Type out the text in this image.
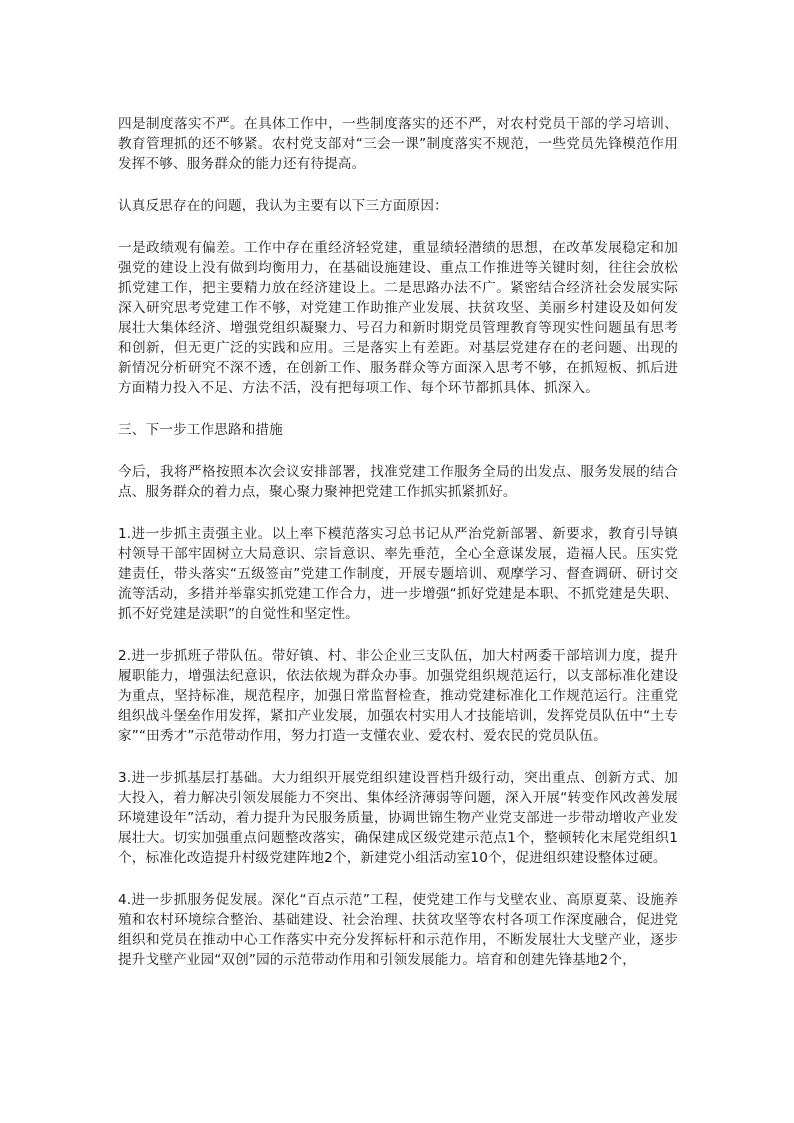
四是制度落实不严。在具体工作中，一些制度落实的还不严，对农村党员干部的学习培训、教育管理抓的还不够紧。农村党支部对“三会一课”制度落实不规范，一些党员先锋模范作用发挥不够、服务群众的能力还有待提高。

认真反思存在的问题，我认为主要有以下三方面原因：

一是政绩观有偏差。工作中存在重经济轻党建，重显绩轻潜绩的思想，在改革发展稳定和加强党的建设上没有做到均衡用力，在基础设施建设、重点工作推进等关键时刻，往往会放松抓党建工作，把主要精力放在经济建设上。二是思路办法不广。紧密结合经济社会发展实际深入研究思考党建工作不够，对党建工作助推产业发展、扶贫攻坚、美丽乡村建设及如何发展壮大集体经济、增强党组织凝聚力、号召力和新时期党员管理教育等现实性问题虽有思考和创新，但无更广泛的实践和应用。三是落实上有差距。对基层党建存在的老问题、出现的新情况分析研究不深不透，在创新工作、服务群众等方面深入思考不够，在抓短板、抓后进方面精力投入不足、方法不活，没有把每项工作、每个环节都抓具体、抓深入。

三、下一步工作思路和措施

今后，我将严格按照本次会议安排部署，找准党建工作服务全局的出发点、服务发展的结合点、服务群众的着力点，聚心聚力聚神把党建工作抓实抓紧抓好。

1.进一步抓主责强主业。以上率下模范落实习总书记从严治党新部署、新要求，教育引导镇村领导干部牢固树立大局意识、宗旨意识、率先垂范，全心全意谋发展，造福人民。压实党建责任，带头落实“五级签亩”党建工作制度，开展专题培训、观摩学习、督查调研、研讨交流等活动，多措并举靠实抓党建工作合力，进一步增强“抓好党建是本职、不抓党建是失职、抓不好党建是渎职”的自觉性和坚定性。

2.进一步抓班子带队伍。带好镇、村、非公企业三支队伍，加大村两委干部培训力度，提升履职能力，增强法纪意识，依法依规为群众办事。加强党组织规范运行，以支部标准化建设为重点，坚持标准，规范程序，加强日常监督检查，推动党建标准化工作规范运行。注重党组织战斗堡垒作用发挥，紧扣产业发展，加强农村实用人才技能培训，发挥党员队伍中“土专家”“田秀才”示范带动作用，努力打造一支懂农业、爱农村、爱农民的党员队伍。

3.进一步抓基层打基础。大力组织开展党组织建设晋档升级行动，突出重点、创新方式、加大投入，着力解决引领发展能力不突出、集体经济薄弱等问题，深入开展“转变作风改善发展环境建设年”活动，着力提升为民服务质量，协调世锦生物产业党支部进一步带动增收产业发展壮大。切实加强重点问题整改落实，确保建成区级党建示范点1个，整顿转化末尾党组织1个，标准化改造提升村级党建阵地2个，新建党小组活动室10个，促进组织建设整体过硬。

4.进一步抓服务促发展。深化“百点示范”工程，使党建工作与戈壁农业、高原夏菜、设施养殖和农村环境综合整治、基础建设、社会治理、扶贫攻坚等农村各项工作深度融合，促进党组织和党员在推动中心工作落实中充分发挥标杆和示范作用，不断发展壮大戈壁产业，逐步提升戈壁产业园“双创”园的示范带动作用和引领发展能力。培育和创建先锋基地2个，
